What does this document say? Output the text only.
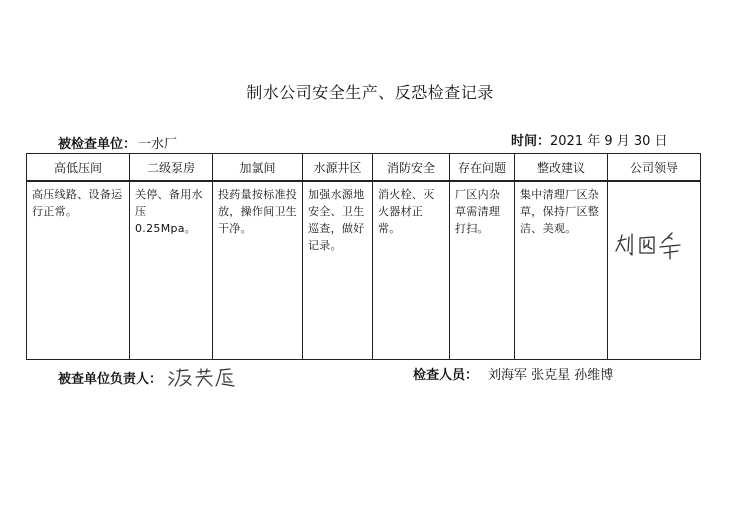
制水公司安全生产、反恐检查记录
被检查单位： 一水厂	时间：2021 年 9 月 30 日
高低压间	二级泵房	加氯间	水源井区	消防安全	存在问题	整改建议	公司领导
高压线路、设备运行正常。	关停、备用水压 0.25Mpa。	投药量按标准投放，操作间卫生干净。	加强水源地安全、卫生巡查，做好记录。	消火栓、灭火器材正常。	厂区内杂草需清理打扫。	集中清理厂区杂草，保持厂区整洁、美观。	
被查单位负责人：	检查人员： 刘海军 张克星 孙维博
